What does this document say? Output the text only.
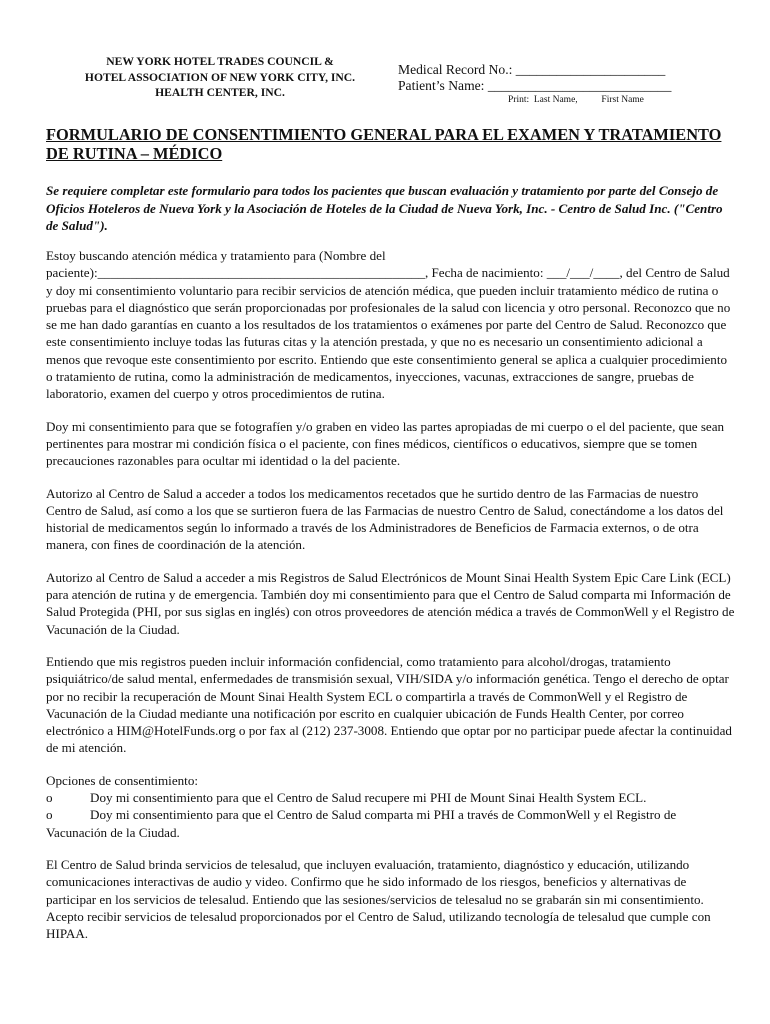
NEW YORK HOTEL TRADES COUNCIL &
HOTEL ASSOCIATION OF NEW YORK CITY, INC.
HEALTH CENTER, INC.
Medical Record No.: ______________________
Patient’s Name: ___________________________
Print:  Last Name,          First Name
FORMULARIO DE CONSENTIMIENTO GENERAL PARA EL EXAMEN Y TRATAMIENTO
DE RUTINA – MÉDICO
Se requiere completar este formulario para todos los pacientes que buscan evaluación y tratamiento por parte del Consejo de Oficios Hoteleros de Nueva York y la Asociación de Hoteles de la Ciudad de Nueva York, Inc. - Centro de Salud Inc. ("Centro de Salud").

Estoy buscando atención médica y tratamiento para (Nombre del
paciente):__________________________________________________, Fecha de nacimiento: ___/___/____, del Centro de Salud y doy mi consentimiento voluntario para recibir servicios de atención médica, que pueden incluir tratamiento médico de rutina o pruebas para el diagnóstico que serán proporcionadas por profesionales de la salud con licencia y otro personal. Reconozco que no se me han dado garantías en cuanto a los resultados de los tratamientos o exámenes por parte del Centro de Salud. Reconozco que este consentimiento incluye todas las futuras citas y la atención prestada, y que no es necesario un consentimiento adicional a menos que revoque este consentimiento por escrito. Entiendo que este consentimiento general se aplica a cualquier procedimiento o tratamiento de rutina, como la administración de medicamentos, inyecciones, vacunas, extracciones de sangre, pruebas de laboratorio, examen del cuerpo y otros procedimientos de rutina.

Doy mi consentimiento para que se fotografíen y/o graben en video las partes apropiadas de mi cuerpo o el del paciente, que sean pertinentes para mostrar mi condición física o el paciente, con fines médicos, científicos o educativos, siempre que se tomen precauciones razonables para ocultar mi identidad o la del paciente.

Autorizo al Centro de Salud a acceder a todos los medicamentos recetados que he surtido dentro de las Farmacias de nuestro Centro de Salud, así como a los que se surtieron fuera de las Farmacias de nuestro Centro de Salud, conectándome a los datos del historial de medicamentos según lo informado a través de los Administradores de Beneficios de Farmacia externos, o de otra manera, con fines de coordinación de la atención.

Autorizo al Centro de Salud a acceder a mis Registros de Salud Electrónicos de Mount Sinai Health System Epic Care Link (ECL) para atención de rutina y de emergencia. También doy mi consentimiento para que el Centro de Salud comparta mi Información de Salud Protegida (PHI, por sus siglas en inglés) con otros proveedores de atención médica a través de CommonWell y el Registro de Vacunación de la Ciudad.

Entiendo que mis registros pueden incluir información confidencial, como tratamiento para alcohol/drogas, tratamiento psiquiátrico/de salud mental, enfermedades de transmisión sexual, VIH/SIDA y/o información genética. Tengo el derecho de optar por no recibir la recuperación de Mount Sinai Health System ECL o compartirla a través de CommonWell y el Registro de Vacunación de la Ciudad mediante una notificación por escrito en cualquier ubicación de Funds Health Center, por correo electrónico a HIM@HotelFunds.org o por fax al (212) 237-3008. Entiendo que optar por no participar puede afectar la continuidad de mi atención.

Opciones de consentimiento:
o	Doy mi consentimiento para que el Centro de Salud recupere mi PHI de Mount Sinai Health System ECL.
o	Doy mi consentimiento para que el Centro de Salud comparta mi PHI a través de CommonWell y el Registro de Vacunación de la Ciudad.

El Centro de Salud brinda servicios de telesalud, que incluyen evaluación, tratamiento, diagnóstico y educación, utilizando comunicaciones interactivas de audio y video. Confirmo que he sido informado de los riesgos, beneficios y alternativas de participar en los servicios de telesalud. Entiendo que las sesiones/servicios de telesalud no se grabarán sin mi consentimiento. Acepto recibir servicios de telesalud proporcionados por el Centro de Salud, utilizando tecnología de telesalud que cumple con HIPAA.
